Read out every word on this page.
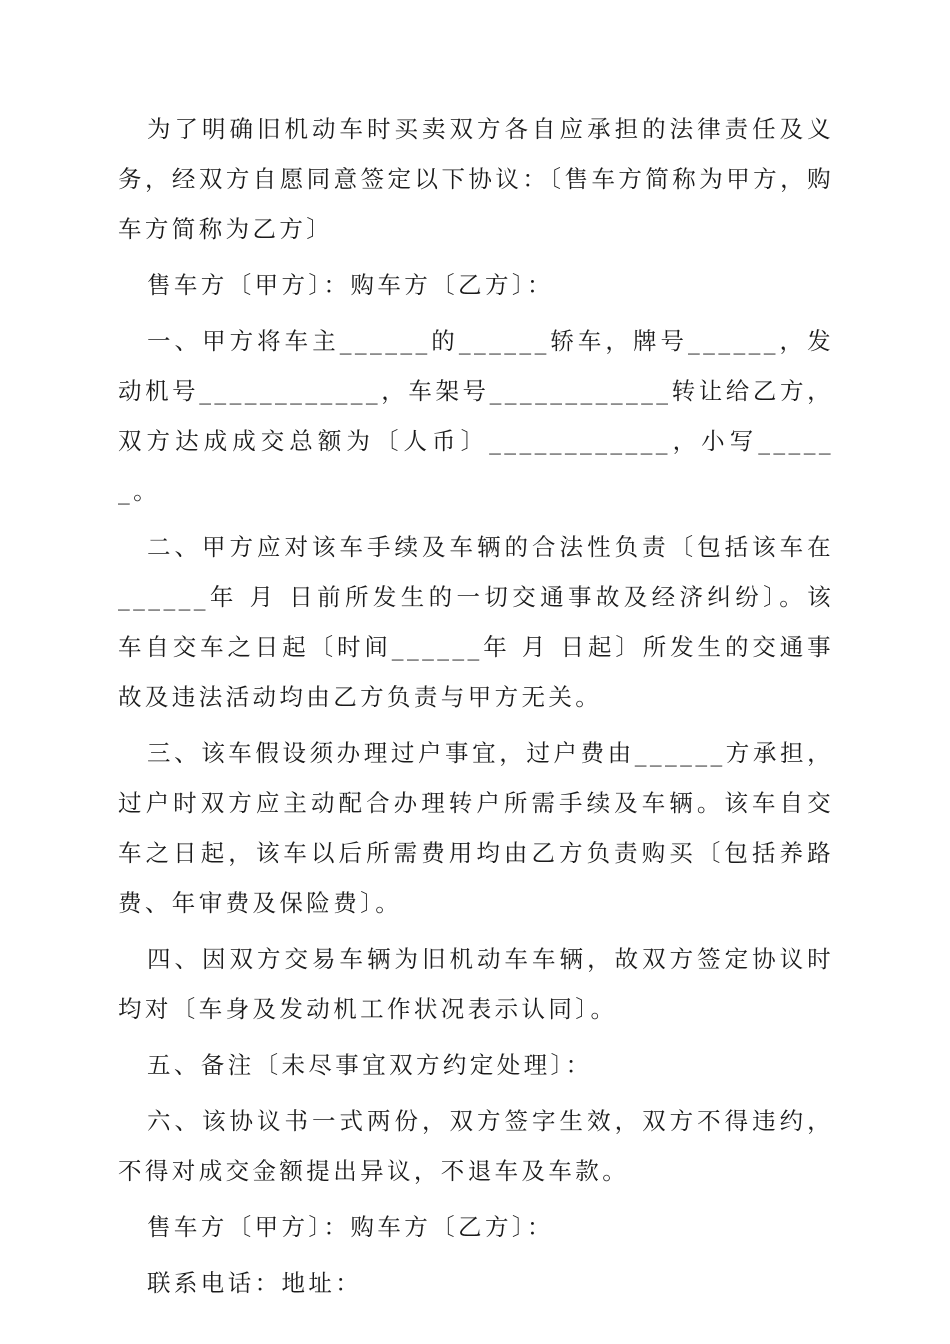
为了明确旧机动车时买卖双方各自应承担的法律责任及义务，经双方自愿同意签定以下协议：〔售车方简称为甲方，购车方简称为乙方〕

售车方〔甲方〕：购车方〔乙方〕：

一、甲方将车主______的______轿车，牌号______，发动机号____________，车架号____________转让给乙方，双方达成成交总额为〔人币〕____________，小写______。

二、甲方应对该车手续及车辆的合法性负责〔包括该车在______年 月 日前所发生的一切交通事故及经济纠纷〕。该车自交车之日起〔时间______年 月 日起〕所发生的交通事故及违法活动均由乙方负责与甲方无关。

三、该车假设须办理过户事宜，过户费由______方承担，过户时双方应主动配合办理转户所需手续及车辆。该车自交车之日起，该车以后所需费用均由乙方负责购买〔包括养路费、年审费及保险费〕。

四、因双方交易车辆为旧机动车车辆，故双方签定协议时均对〔车身及发动机工作状况表示认同〕。

五、备注〔未尽事宜双方约定处理〕：

六、该协议书一式两份，双方签字生效，双方不得违约，不得对成交金额提出异议，不退车及车款。

售车方〔甲方〕：购车方〔乙方〕：

联系电话：地址：
